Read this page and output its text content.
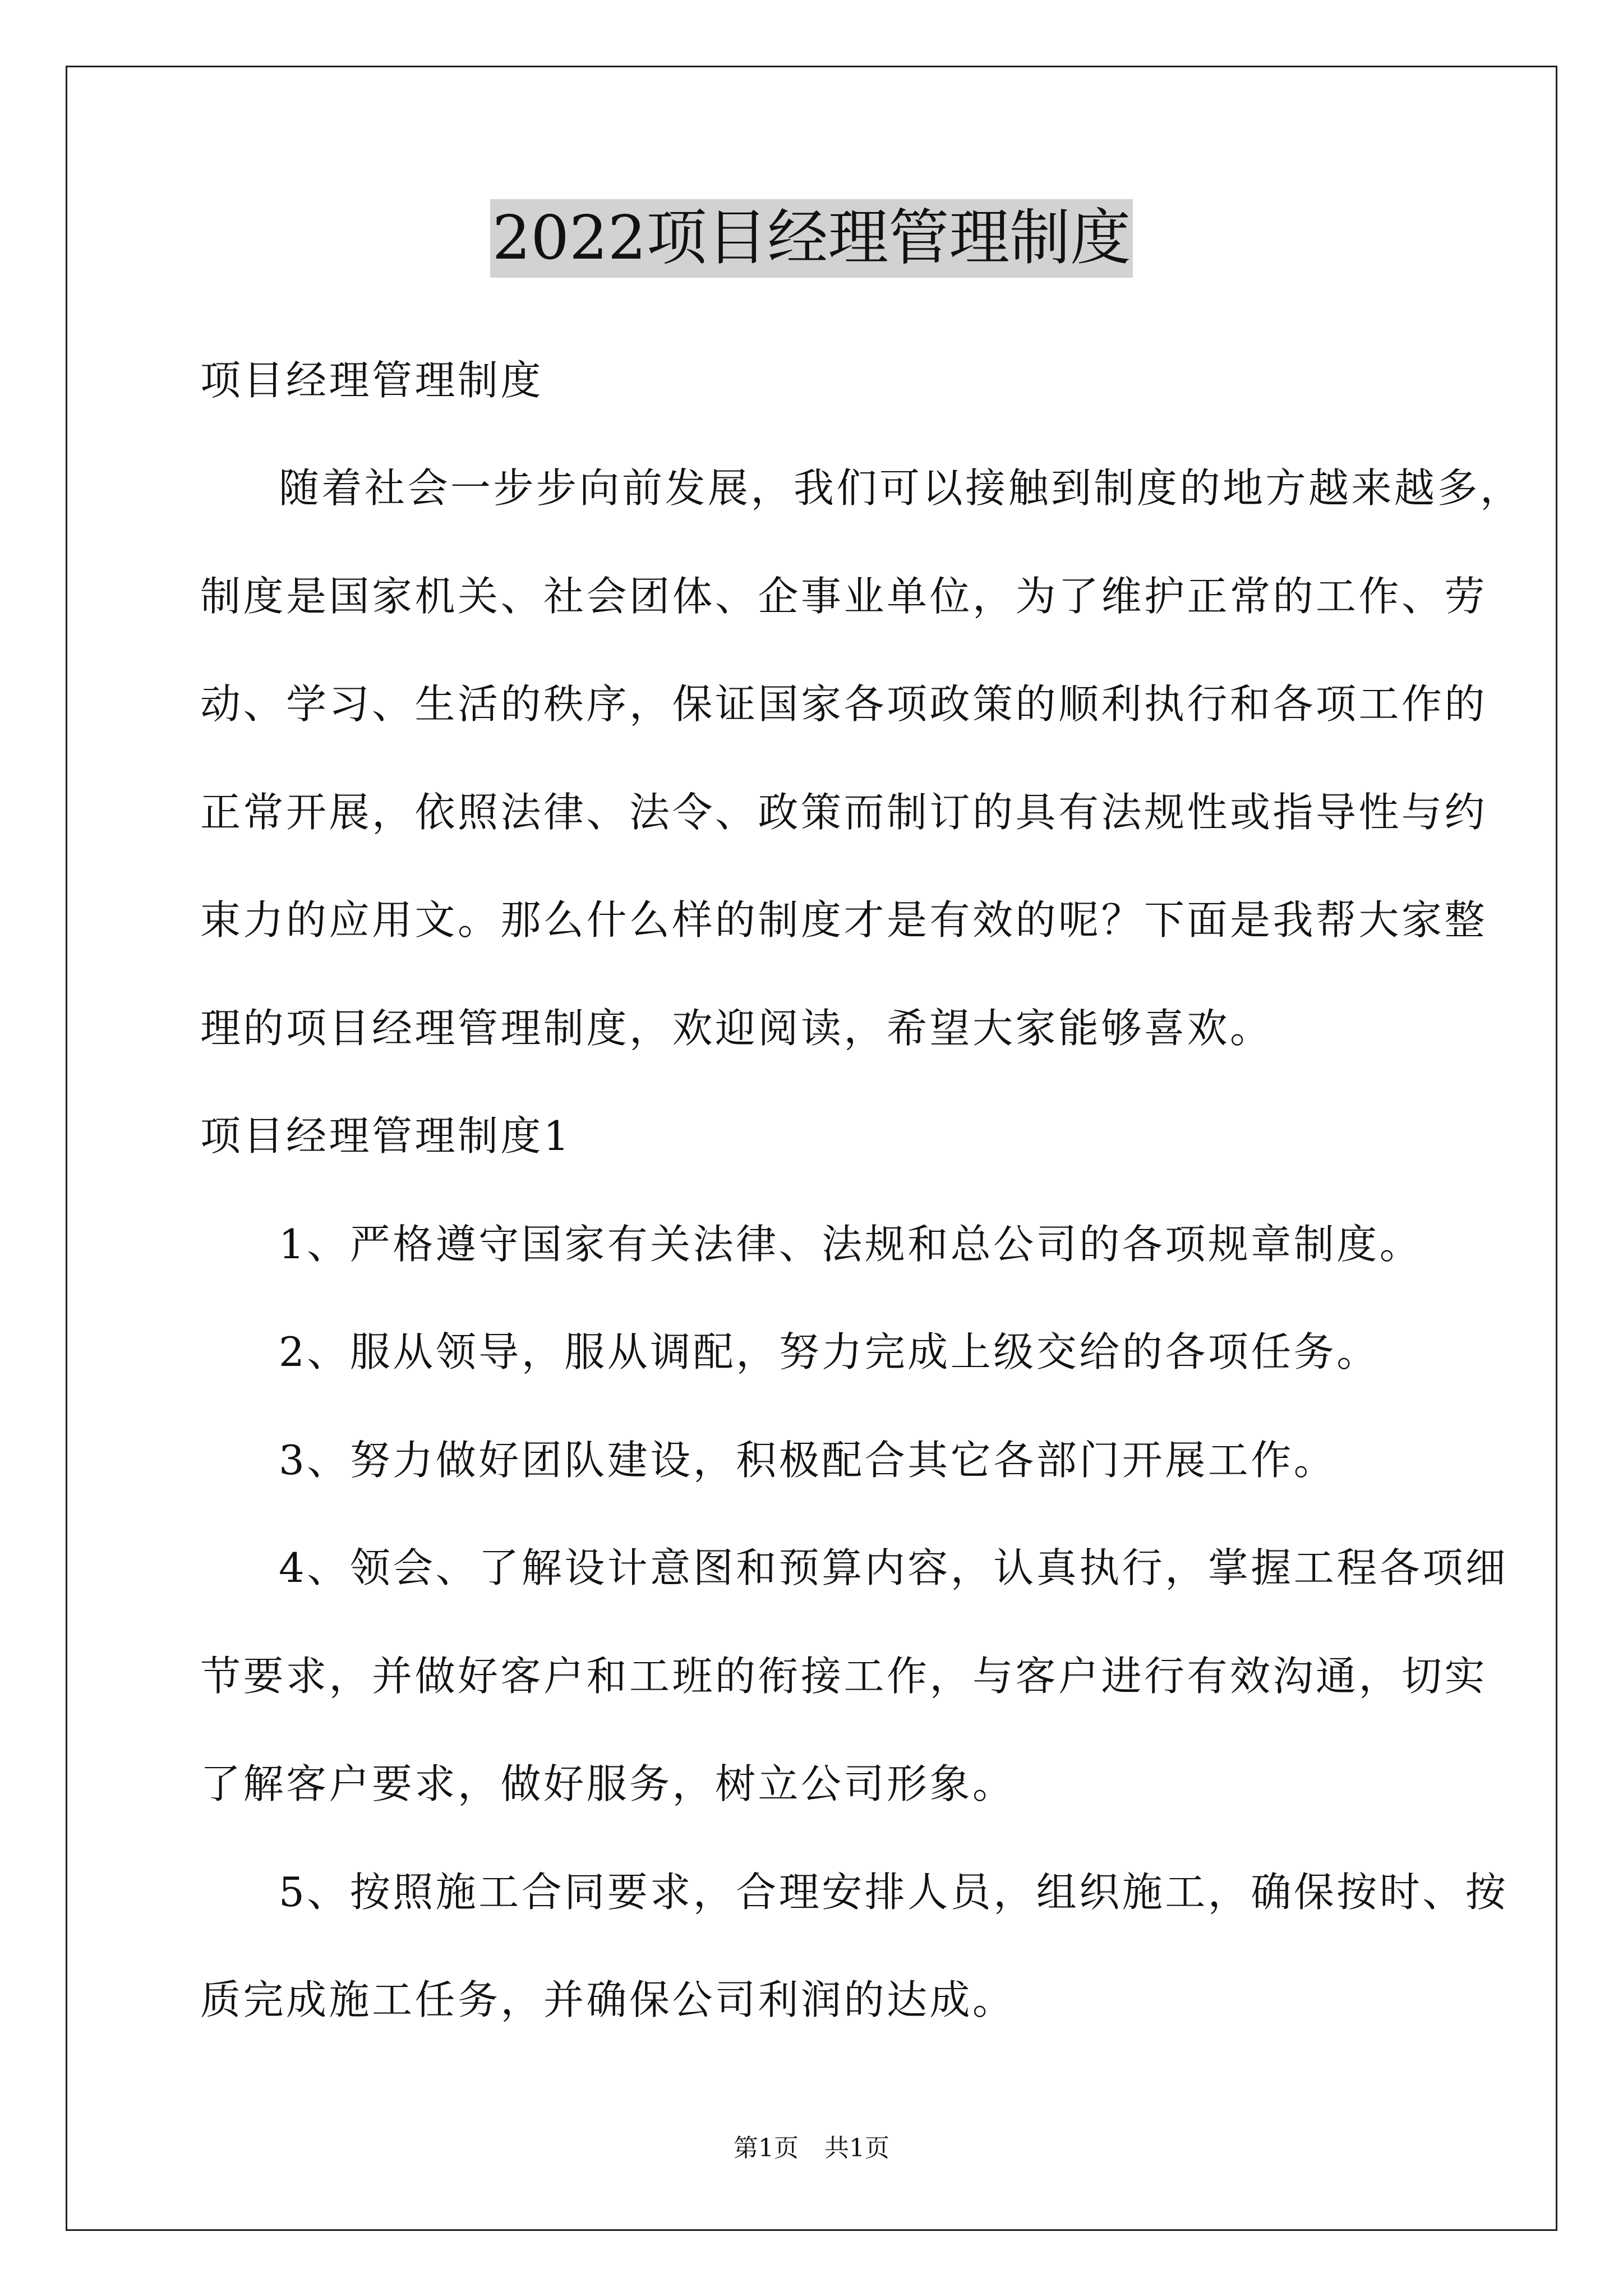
2022项目经理管理制度
项目经理管理制度
随着社会一步步向前发展，我们可以接触到制度的地方越来越多，
制度是国家机关、社会团体、企事业单位，为了维护正常的工作、劳
动、学习、生活的秩序，保证国家各项政策的顺利执行和各项工作的
正常开展，依照法律、法令、政策而制订的具有法规性或指导性与约
束力的应用文。那么什么样的制度才是有效的呢？下面是我帮大家整
理的项目经理管理制度，欢迎阅读，希望大家能够喜欢。
项目经理管理制度1
1、严格遵守国家有关法律、法规和总公司的各项规章制度。
2、服从领导，服从调配，努力完成上级交给的各项任务。
3、努力做好团队建设，积极配合其它各部门开展工作。
4、领会、了解设计意图和预算内容，认真执行，掌握工程各项细
节要求，并做好客户和工班的衔接工作，与客户进行有效沟通，切实
了解客户要求，做好服务，树立公司形象。
5、按照施工合同要求，合理安排人员，组织施工，确保按时、按
质完成施工任务，并确保公司利润的达成。
第1页 共1页
